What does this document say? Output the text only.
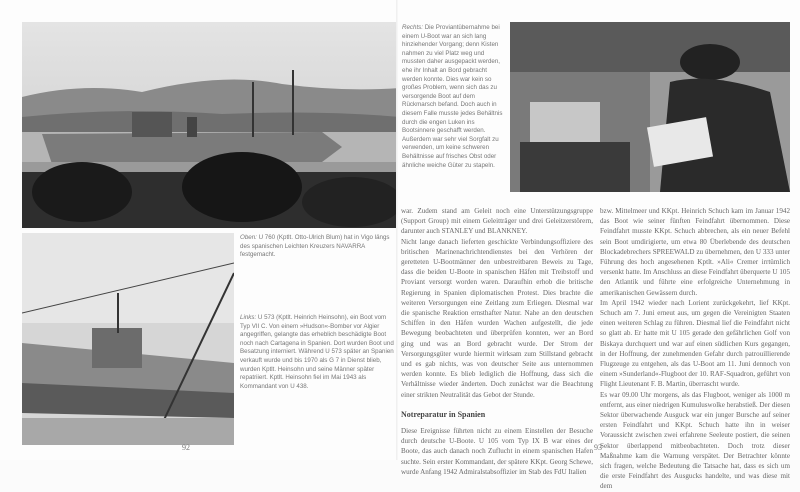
Oben: U 760 (Kptlt. Otto-Ulrich Blum) hat in Vigo längs des spanischen Leichten Kreuzers NAVARRA festgemacht.
Links: U 573 (Kptlt. Heinrich Heinsohn), ein Boot vom Typ VII C. Von einem »Hudson«-Bomber vor Algier angegriffen, gelangte das erheblich beschädigte Boot noch nach Cartagena in Spanien. Dort wurden Boot und Besatzung interniert. Während U 573 später an Spanien verkauft wurde und bis 1970 als G 7 in Dienst blieb, wurden Kptlt. Heinsohn und seine Männer später repatriiert. Kptlt. Heinsohn fiel im Mai 1943 als Kommandant von U 438.
92
Rechts: Die Proviantübernahme bei einem U-Boot war an sich lang hinziehender Vorgang; denn Kisten nahmen zu viel Platz weg und mussten daher ausgepackt werden, ehe ihr Inhalt an Bord gebracht werden konnte. Dies war kein so großes Problem, wenn sich das zu versorgende Boot auf dem Rückmarsch befand. Doch auch in diesem Falle musste jedes Behältnis durch die engen Luken ins Bootsinnere geschafft werden. Außerdem war sehr viel Sorgfalt zu verwenden, um keine schweren Behältnisse auf frisches Obst oder ähnliche weiche Güter zu stapeln.

war. Zudem stand am Geleit noch eine Unterstützungsgruppe (Support Group) mit einem Geleitträger und drei Geleitzerstörern, darunter auch STANLEY und BLANKNEY.

Nicht lange danach lieferten geschickte Verbindungsoffiziere des britischen Marinenachrichtendienstes bei den Verhören der geretteten U-Bootmänner den unbestreitbaren Beweis zu Tage, dass die beiden U-Boote in spanischen Häfen mit Treibstoff und Proviant versorgt worden waren. Daraufhin erhob die britische Regierung in Spanien diplomatischen Protest. Dies brachte die weiteren Versorgungen eine Zeitlang zum Erliegen. Diesmal war die spanische Reaktion ernsthafter Natur. Nahe an den deutschen Schiffen in den Häfen wurden Wachen aufgestellt, die jede Bewegung beobachteten und überprüfen konnten, wer an Bord ging und was an Bord gebracht wurde. Der Strom der Versorgungsgüter wurde hiermit wirksam zum Stillstand gebracht und es gab nichts, was von deutscher Seite aus unternommen werden konnte. Es blieb lediglich die Hoffnung, dass sich die Verhältnisse wieder änderten. Doch zunächst war die Beachtung einer strikten Neutralität das Gebot der Stunde.

Notreparatur in Spanien

Diese Ereignisse führten nicht zu einem Einstellen der Besuche durch deutsche U-Boote. U 105 vom Typ IX B war eines der Boote, das auch danach noch Zuflucht in einem spanischen Hafen suchte. Sein erster Kommandant, der spätere KKpt. Georg Schewe, wurde Anfang 1942 Admiralstabsoffizier im Stab des FdU Italien

bzw. Mittelmeer und KKpt. Heinrich Schuch kam im Januar 1942 das Boot wie seiner fünften Feindfahrt übernommen. Diese Feindfahrt musste KKpt. Schuch abbrechen, als ein neuer Befehl sein Boot umdirigierte, um etwa 80 Überlebende des deutschen Blockadebrechers SPREEWALD zu übernehmen, den U 333 unter Führung des hoch angesehenen Kptlt. »Ali« Cremer irrtümlich versenkt hatte. Im Anschluss an diese Feindfahrt überquerte U 105 den Atlantik und führte eine erfolgreiche Unternehmung in amerikanischen Gewässern durch.

Im April 1942 wieder nach Lorient zurückgekehrt, lief KKpt. Schuch am 7. Juni erneut aus, um gegen die Vereinigten Staaten einen weiteren Schlag zu führen. Diesmal lief die Feindfahrt nicht so glatt ab. Er hatte mit U 105 gerade den gefährlichen Golf von Biskaya durchquert und war auf einen südlichen Kurs gegangen, in der Hoffnung, der zunehmenden Gefahr durch patrouillierende Flugzeuge zu entgehen, als das U-Boot am 11. Juni dennoch von einem »Sunderland«-Flugboot der 10. RAF-Squadron, geführt von Flight Lieutenant F. B. Martin, überrascht wurde.

Es war 09.00 Uhr morgens, als das Flugboot, weniger als 1000 m entfernt, aus einer niedrigen Kumuluswolke herabstieß. Der diesen Sektor überwachende Ausguck war ein junger Bursche auf seiner ersten Feindfahrt und KKpt. Schuch hatte ihn in weiser Voraussicht zwischen zwei erfahrene Seeleute postiert, die seinen Sektor überlappend mitbeobachteten. Doch trotz dieser Maßnahme kam die Warnung verspätet. Der Betrachter könnte sich fragen, welche Bedeutung die Tatsache hat, dass es sich um die erste Feindfahrt des Ausgucks handelte, und was diese mit dem

93
